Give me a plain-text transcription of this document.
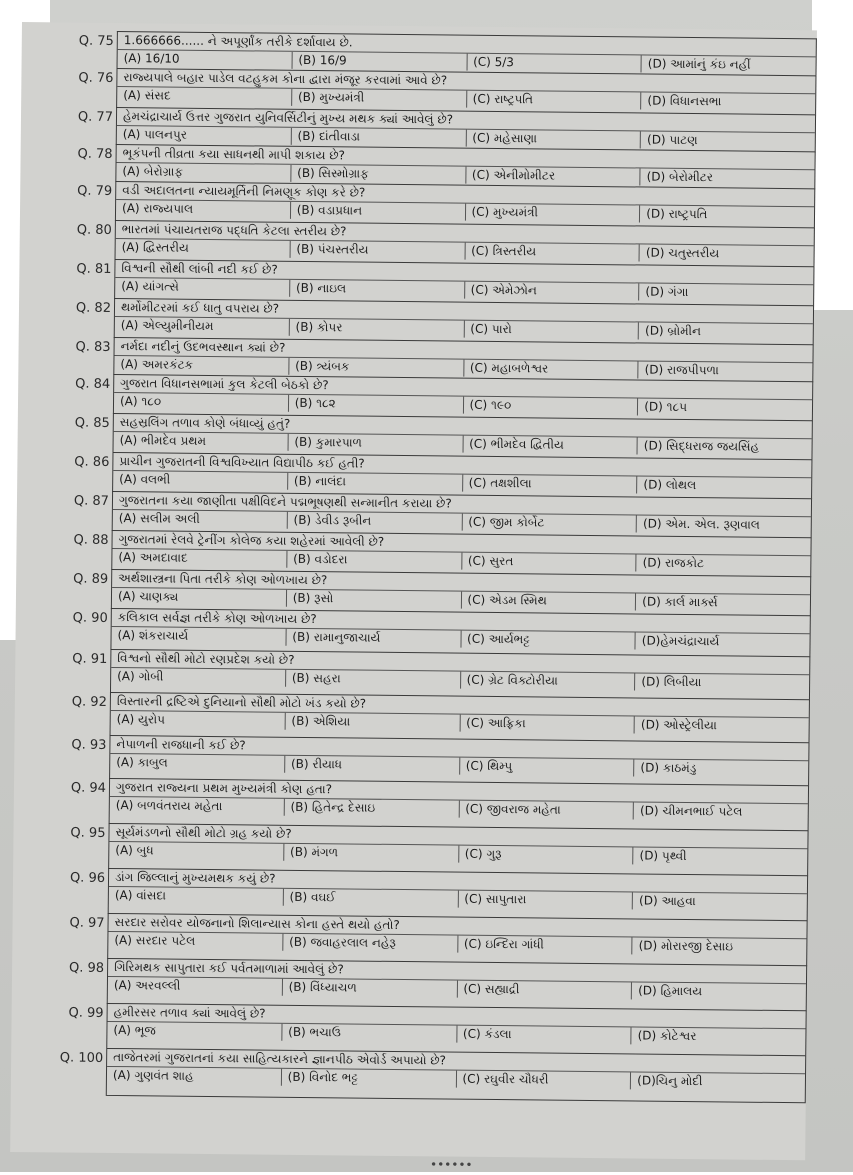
Q. 75 1.666666...... ને અપૂર્ણાંક તરીકે દર્શાવાય છે.
(A) 16/10	(B) 16/9	(C) 5/3	(D) આમાંનું કંઇ નહીં
Q. 76 રાજ્યપાલે બહાર પાડેલ વટહુકમ કોના દ્વારા મંજૂર કરવામાં આવે છે?
(A) સંસદ	(B) મુખ્યમંત્રી	(C) રાષ્ટ્રપતિ	(D) વિધાનસભા
Q. 77 હેમચંદ્રાચાર્ય ઉત્તર ગુજરાત યુનિવર્સિટીનું મુખ્ય મથક ક્યાં આવેલું છે?
(A) પાલનપુર	(B) દાંતીવાડા	(C) મહેસાણા	(D) પાટણ
Q. 78 ભૂકંપની તીવ્રતા કયા સાધનથી માપી શકાય છે?
(A) બેરોગ્રાફ	(B) સિસ્મોગ્રાફ	(C) એનીમોમીટર	(D) બેરોમીટર
Q. 79 વડી અદાલતના ન્યાયમૂર્તિની નિમણૂક કોણ કરે છે?
(A) રાજ્યપાલ	(B) વડાપ્રધાન	(C) મુખ્યમંત્રી	(D) રાષ્ટ્રપતિ
Q. 80 ભારતમાં પંચાયતરાજ પદ્ધતિ કેટલા સ્તરીય છે?
(A) દ્વિસ્તરીય	(B) પંચસ્તરીય	(C) ત્રિસ્તરીય	(D) ચતુસ્તરીય
Q. 81 વિશ્વની સૌથી લાંબી નદી કઈ છે?
(A) યાંગત્સે	(B) નાઇલ	(C) એમેઝોન	(D) ગંગા
Q. 82 થર્મોમીટરમાં કઈ ધાતુ વપરાય છે?
(A) એલ્યુમીનીયમ	(B) કોપર	(C) પારો	(D) બ્રોમીન
Q. 83 નર્મદા નદીનું ઉદભવસ્થાન ક્યાં છે?
(A) અમરકંટક	(B) ત્ર્યંબક	(C) મહાબળેશ્વર	(D) રાજપીપળા
Q. 84 ગુજરાત વિધાનસભામાં કુલ કેટલી બેઠકો છે?
(A) ૧૮૦	(B) ૧૮૨	(C) ૧૯૦	(D) ૧૮૫
Q. 85 સહસ્રલિંગ તળાવ કોણે બંધાવ્યું હતું?
(A) ભીમદેવ પ્રથમ	(B) કુમારપાળ	(C) ભીમદેવ દ્વિતીય	(D) સિદ્ધરાજ જયસિંહ
Q. 86 પ્રાચીન ગુજરાતની વિશ્વવિખ્યાત વિદ્યાપીઠ કઈ હતી?
(A) વલભી	(B) નાલંદા	(C) તક્ષશીલા	(D) લોથલ
Q. 87 ગુજરાતના કયા જાણીતા પક્ષીવિદને પદ્મભૂષણથી સન્માનીત કરાયા છે?
(A) સલીમ અલી	(B) ડેવીડ રૂબીન	(C) જીમ કોર્બેટ	(D) એમ. એલ. રૂણવાલ
Q. 88 ગુજરાતમાં રેલવે ટ્રેનીંગ કોલેજ કયા શહેરમાં આવેલી છે?
(A) અમદાવાદ	(B) વડોદરા	(C) સુરત	(D) રાજકોટ
Q. 89 અર્થશાસ્ત્રના પિતા તરીકે કોણ ઓળખાય છે?
(A) ચાણક્ય	(B) રૂસો	(C) એડમ સ્મિથ	(D) કાર્લ માર્ક્સ
Q. 90 કલિકાલ સર્વજ્ઞ તરીકે કોણ ઓળખાય છે?
(A) શંકરાચાર્ય	(B) રામાનુજાચાર્ય	(C) આર્યભટ્ટ	(D)હેમચંદ્રાચાર્ય
Q. 91 વિશ્વનો સૌથી મોટો રણપ્રદેશ કયો છે?
(A) ગોબી	(B) સહરા	(C) ગ્રેટ વિક્ટોરીયા	(D) લિબીયા
Q. 92 વિસ્તારની દ્રષ્ટિએ દુનિયાનો સૌથી મોટો ખંડ કયો છે?
(A) યુરોપ	(B) એશિયા	(C) આફ્રિકા	(D) ઓસ્ટ્રેલીયા
Q. 93 નેપાળની રાજધાની કઈ છે?
(A) કાબુલ	(B) રીયાધ	(C) થિમ્પુ	(D) કાઠમંડુ
Q. 94 ગુજરાત રાજ્યના પ્રથમ મુખ્યમંત્રી કોણ હતા?
(A) બળવંતરાય મહેતા	(B) હિતેન્દ્ર દેસાઇ	(C) જીવરાજ મહેતા	(D) ચીમનભાઈ પટેલ
Q. 95 સૂર્યમંડળનો સૌથી મોટો ગ્રહ કયો છે?
(A) બુધ	(B) મંગળ	(C) ગુરૂ	(D) પૃથ્વી
Q. 96 ડાંગ જિલ્લાનું મુખ્યમથક કયું છે?
(A) વાંસદા	(B) વઘઈ	(C) સાપુતારા	(D) આહવા
Q. 97 સરદાર સરોવર યોજનાનો શિલાન્યાસ કોના હસ્તે થયો હતો?
(A) સરદાર પટેલ	(B) જવાહરલાલ નહેરૂ	(C) ઇન્દિરા ગાંધી	(D) મોરારજી દેસાઇ
Q. 98 ગિરિમથક સાપુતારા કઈ પર્વતમાળામાં આવેલું છે?
(A) અરવલ્લી	(B) વિંધ્યાચળ	(C) સહ્યાદ્રી	(D) હિમાલય
Q. 99 હમીરસર તળાવ ક્યાં આવેલું છે?
(A) ભૂજ	(B) ભચાઉ	(C) કંડલા	(D) કોટેશ્વર
Q. 100 તાજેતરમાં ગુજરાતનાં કયા સાહિત્યકારને જ્ઞાનપીઠ એવોર્ડ અપાયો છે?
(A) ગુણવંત શાહ	(B) વિનોદ ભટ્ટ	(C) રઘુવીર ચૌધરી	(D)ચિનુ મોદી
••••••
